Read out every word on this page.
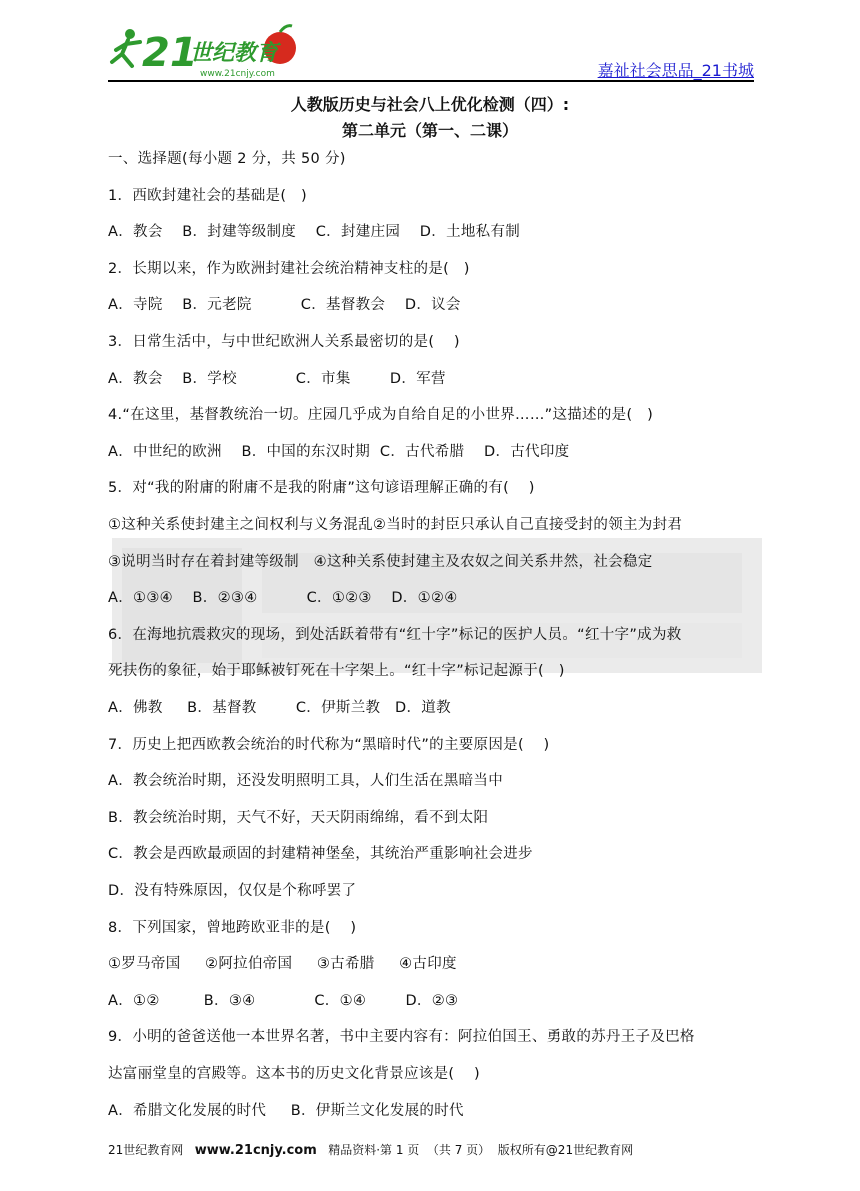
21
世纪教育
www.21cnjy.com	嘉祉社会思品_21书城
人教版历史与社会八上优化检测（四）:
第二单元（第一、二课）
一、选择题(每小题 2 分，共 50 分)
1．西欧封建社会的基础是(   )
A．教会    B．封建等级制度    C．封建庄园    D．土地私有制
2．长期以来，作为欧洲封建社会统治精神支柱的是(   )
A．寺院    B．元老院          C．基督教会    D．议会
3．日常生活中，与中世纪欧洲人关系最密切的是(    )
A．教会    B．学校            C．市集        D．军营
4.“在这里，基督教统治一切。庄园几乎成为自给自足的小世界……”这描述的是(   )
A．中世纪的欧洲    B．中国的东汉时期  C．古代希腊    D．古代印度
5．对“我的附庸的附庸不是我的附庸”这句谚语理解正确的有(    )
①这种关系使封建主之间权利与义务混乱②当时的封臣只承认自己直接受封的领主为封君
③说明当时存在着封建等级制   ④这种关系使封建主及农奴之间关系井然，社会稳定
A．①③④    B．②③④          C．①②③    D．①②④
6．在海地抗震救灾的现场，到处活跃着带有“红十字”标记的医护人员。“红十字”成为救
死扶伤的象征，始于耶稣被钉死在十字架上。“红十字”标记起源于(   )
A．佛教     B．基督教        C．伊斯兰教   D．道教
7．历史上把西欧教会统治的时代称为“黑暗时代”的主要原因是(    )
A．教会统治时期，还没发明照明工具，人们生活在黑暗当中
B．教会统治时期，天气不好，天天阴雨绵绵，看不到太阳
C．教会是西欧最顽固的封建精神堡垒，其统治严重影响社会进步
D．没有特殊原因，仅仅是个称呼罢了
8．下列国家，曾地跨欧亚非的是(    )
①罗马帝国     ②阿拉伯帝国     ③古希腊     ④古印度
A．①②         B．③④            C．①④        D．②③
9．小明的爸爸送他一本世界名著，书中主要内容有：阿拉伯国王、勇敢的苏丹王子及巴格
达富丽堂皇的宫殿等。这本书的历史文化背景应该是(    )
A．希腊文化发展的时代     B．伊斯兰文化发展的时代
21世纪教育网   www.21cnjy.com   精品资料·第 1 页  （共 7 页）  版权所有@21世纪教育网
